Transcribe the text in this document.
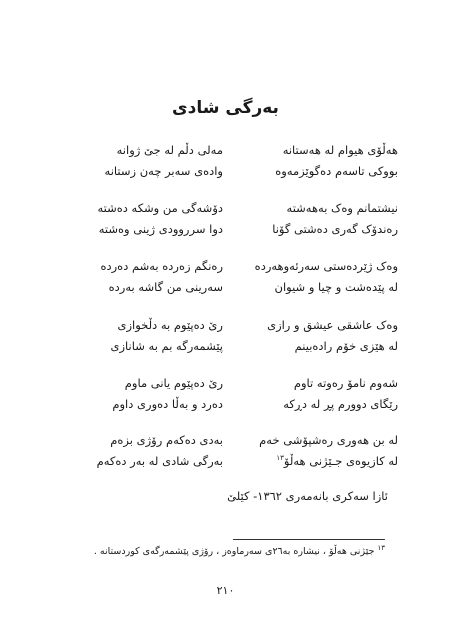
بەرگی شادی
هەڵۆی هیوام لە هەستانە
مەلی دڵم لە جێ ژوانە
بووکی تاسەم دەگوێزمەوە
وادەی سەبر چەن زستانە
نیشتمانم وەک بەهەشتە
دۆشەگی من وشکە دەشتە
رەندۆک گەری دەشتی گۆنا
دوا سرروودی ژینی وەشتە
وەک ژێردەستی سەرئەوهەردە
رەنگم زەردە بەشم دەردە
لە پێدەشت و چیا و شیوان
سەرینی من گاشە بەردە
وەک عاشقی عیشق و رازی
رێ دەپێوم بە دڵخوازی
لە هێزی خۆم رادەبینم
پێشمەرگە بم بە شانازی
شەوم نامۆ رەوتە تاوم
رێ دەپێوم یانی ماوم
رێگای دوورم پڕ لە دڕکە
دەرد و بەڵا دەوری داوم
لە بن هەوری رەشپۆشی خەم
بەدی دەکەم رۆژی بزەم
لە کازیوەی جـێژنی هەڵۆ$^{١٣}$
بەرگی شادی لە بەر دەکەم
ئازا سەکری بانەمەری ١٣٦٢- کێلێ
$^{١٣}$ جێژنی هەڵۆ ، نیشارە بە٢٦ی سەرماوەز ، رۆژی پێشمەرگەی کوردستانە .
٢١٠
